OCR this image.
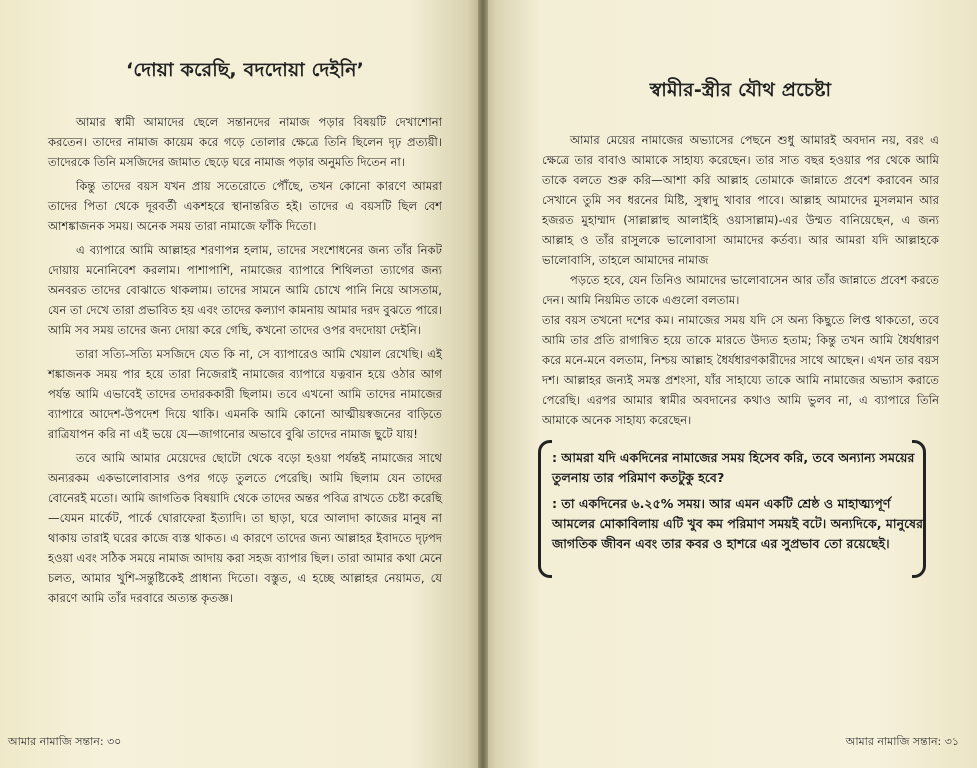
‘দোয়া করেছি, বদদোয়া দেইনি’

আমার স্বামী আমাদের ছেলে সন্তানদের নামাজ পড়ার বিষয়টি দেখাশোনা করতেন। তাদের নামাজ কায়েম করে গড়ে তোলার ক্ষেত্রে তিনি ছিলেন দৃঢ় প্রত্যয়ী। তাদেরকে তিনি মসজিদের জামাত ছেড়ে ঘরে নামাজ পড়ার অনুমতি দিতেন না।

কিন্তু তাদের বয়স যখন প্রায় সতেরোতে পৌঁছে, তখন কোনো কারণে আমরা তাদের পিতা থেকে দূরবর্তী একশহরে স্থানান্তরিত হই। তাদের এ বয়সটি ছিল বেশ আশঙ্কাজনক সময়। অনেক সময় তারা নামাজে ফাঁকি দিতো।

এ ব্যাপারে আমি আল্লাহর শরণাপন্ন হলাম, তাদের সংশোধনের জন্য তাঁর নিকট দোয়ায় মনোনিবেশ করলাম। পাশাপাশি, নামাজের ব্যাপারে শিথিলতা ত্যাগের জন্য অনবরত তাদের বোঝাতে থাকলাম। তাদের সামনে আমি চোখে পানি নিয়ে আসতাম, যেন তা দেখে তারা প্রভাবিত হয় এবং তাদের কল্যাণ কামনায় আমার দরদ বুঝতে পারে। আমি সব সময় তাদের জন্য দোয়া করে গেছি, কখনো তাদের ওপর বদদোয়া দেইনি।

তারা সত্যি-সত্যি মসজিদে যেত কি না, সে ব্যাপারেও আমি খেয়াল রেখেছি। এই শঙ্কাজনক সময় পার হয়ে তারা নিজেরাই নামাজের ব্যাপারে যত্নবান হয়ে ওঠার আগ পর্যন্ত আমি এভাবেই তাদের তদারককারী ছিলাম। তবে এখনো আমি তাদের নামাজের ব্যাপারে আদেশ-উপদেশ দিয়ে থাকি। এমনকি আমি কোনো আত্মীয়স্বজনের বাড়িতে রাত্রিযাপন করি না এই ভয়ে যে—জাগানোর অভাবে বুঝি তাদের নামাজ ছুটে যায়!

তবে আমি আমার মেয়েদের ছোটো থেকে বড়ো হওয়া পর্যন্তই নামাজের সাথে অন্যরকম একভালোবাসার ওপর গড়ে তুলতে পেরেছি। আমি ছিলাম যেন তাদের বোনেরই মতো। আমি জাগতিক বিষয়াদি থেকে তাদের অন্তর পবিত্র রাখতে চেষ্টা করেছি—যেমন মার্কেট, পার্কে ঘোরাফেরা ইত্যাদি। তা ছাড়া, ঘরে আলাদা কাজের মানুষ না থাকায় তারাই ঘরের কাজে ব্যস্ত থাকত। এ কারণে তাদের জন্য আল্লাহর ইবাদতে দৃঢ়পদ হওয়া এবং সঠিক সময়ে নামাজ আদায় করা সহজ ব্যাপার ছিল। তারা আমার কথা মেনে চলত, আমার খুশি-সন্তুষ্টিকেই প্রাধান্য দিতো। বস্তুত, এ হচ্ছে আল্লাহর নেয়ামত, যে কারণে আমি তাঁর দরবারে অত্যন্ত কৃতজ্ঞ।

আমার নামাজি সন্তান: ৩০
স্বামীর-স্ত্রীর যৌথ প্রচেষ্টা

আমার মেয়ের নামাজের অভ্যাসের পেছনে শুধু আমারই অবদান নয়, বরং এ ক্ষেত্রে তার বাবাও আমাকে সাহায্য করেছেন। তার সাত বছর হওয়ার পর থেকে আমি তাকে বলতে শুরু করি—আশা করি আল্লাহ তোমাকে জান্নাতে প্রবেশ করাবেন আর সেখানে তুমি সব ধরনের মিষ্টি, সুস্বাদু খাবার পাবে। আল্লাহ আমাদের মুসলমান আর হজরত মুহাম্মাদ (সাল্লাল্লাহু আলাইহি ওয়াসাল্লাম)-এর উম্মত বানিয়েছেন, এ জন্য আল্লাহ ও তাঁর রাসুলকে ভালোবাসা আমাদের কর্তব্য। আর আমরা যদি আল্লাহকে ভালোবাসি, তাহলে আমাদের নামাজ

পড়তে হবে, যেন তিনিও আমাদের ভালোবাসেন আর তাঁর জান্নাতে প্রবেশ করতে দেন। আমি নিয়মিত তাকে এগুলো বলতাম।

তার বয়স তখনো দশের কম। নামাজের সময় যদি সে অন্য কিছুতে লিপ্ত থাকতো, তবে আমি তার প্রতি রাগান্বিত হয়ে তাকে মারতে উদ্যত হতাম; কিন্তু তখন আমি ধৈর্যধারণ করে মনে-মনে বলতাম, নিশ্চয় আল্লাহ ধৈর্যধারণকারীদের সাথে আছেন। এখন তার বয়স দশ। আল্লাহর জন্যই সমস্ত প্রশংসা, যাঁর সাহায্যে তাকে আমি নামাজের অভ্যাস করাতে পেরেছি। এরপর আমার স্বামীর অবদানের কথাও আমি ভুলব না, এ ব্যাপারে তিনি আমাকে অনেক সাহায্য করেছেন।

আমার নামাজি সন্তান: ৩১

: আমরা যদি একদিনের নামাজের সময় হিসেব করি, তবে অন্যান্য সময়ের তুলনায় তার পরিমাণ কতটুকু হবে?

: তা একদিনের ৬.২৫% সময়। আর এমন একটি শ্রেষ্ঠ ও মাহাত্ম্যপূর্ণ আমলের মোকাবিলায় এটি খুব কম পরিমাণ সময়ই বটে। অন্যদিকে, মানুষের জাগতিক জীবন এবং তার কবর ও হাশরে এর সুপ্রভাব তো রয়েছেই।
